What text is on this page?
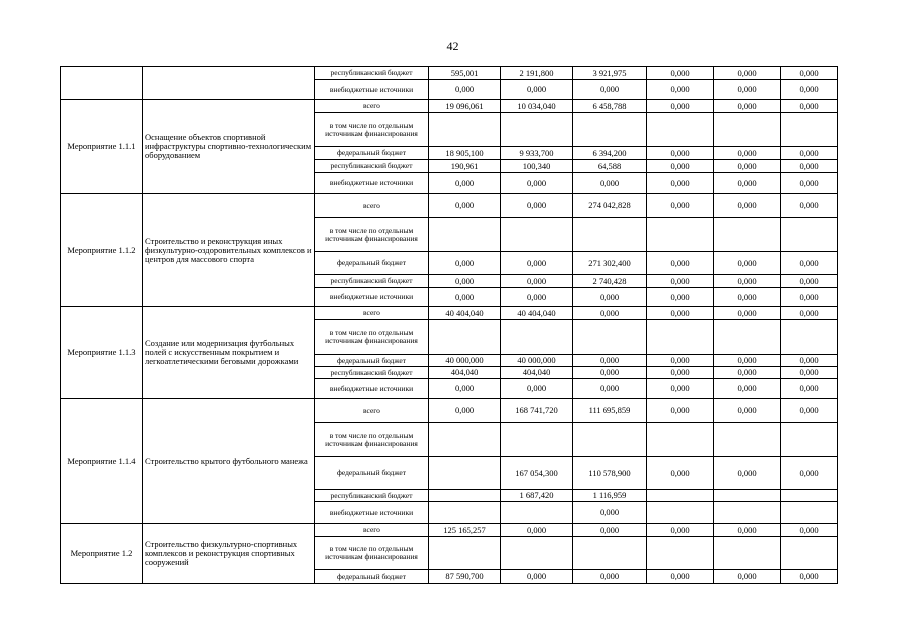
42
		республиканский бюджет	595,001	2 191,800	3 921,975	0,000	0,000	0,000
		внебюджетные источники	0,000	0,000	0,000	0,000	0,000	0,000
Мероприятие 1.1.1	Оснащение объектов спортивной инфраструктуры спортивно-технологическим оборудованием	всего	19 096,061	10 034,040	6 458,788	0,000	0,000	0,000
		в том числе по отдельным источникам финансирования						
		федеральный бюджет	18 905,100	9 933,700	6 394,200	0,000	0,000	0,000
		республиканский бюджет	190,961	100,340	64,588	0,000	0,000	0,000
		внебюджетные источники	0,000	0,000	0,000	0,000	0,000	0,000
Мероприятие 1.1.2	Строительство и реконструкция иных физкультурно-оздоровительных комплексов и центров для массового спорта	всего	0,000	0,000	274 042,828	0,000	0,000	0,000
		в том числе по отдельным источникам финансирования						
		федеральный бюджет	0,000	0,000	271 302,400	0,000	0,000	0,000
		республиканский бюджет	0,000	0,000	2 740,428	0,000	0,000	0,000
		внебюджетные источники	0,000	0,000	0,000	0,000	0,000	0,000
Мероприятие 1.1.3	Создание или модернизация футбольных полей с искусственным покрытием и легкоатлетическими беговыми дорожками	всего	40 404,040	40 404,040	0,000	0,000	0,000	0,000
		в том числе по отдельным источникам финансирования						
		федеральный бюджет	40 000,000	40 000,000	0,000	0,000	0,000	0,000
		республиканский бюджет	404,040	404,040	0,000	0,000	0,000	0,000
		внебюджетные источники	0,000	0,000	0,000	0,000	0,000	0,000
Мероприятие 1.1.4	Строительство крытого футбольного манежа	всего	0,000	168 741,720	111 695,859	0,000	0,000	0,000
		в том числе по отдельным источникам финансирования						
		федеральный бюджет		167 054,300	110 578,900	0,000	0,000	0,000
		республиканский бюджет		1 687,420	1 116,959			
		внебюджетные источники			0,000			
Мероприятие 1.2	Строительство физкультурно-спортивных комплексов и реконструкция спортивных сооружений	всего	125 165,257	0,000	0,000	0,000	0,000	0,000
		в том числе по отдельным источникам финансирования						
		федеральный бюджет	87 590,700	0,000	0,000	0,000	0,000	0,000
